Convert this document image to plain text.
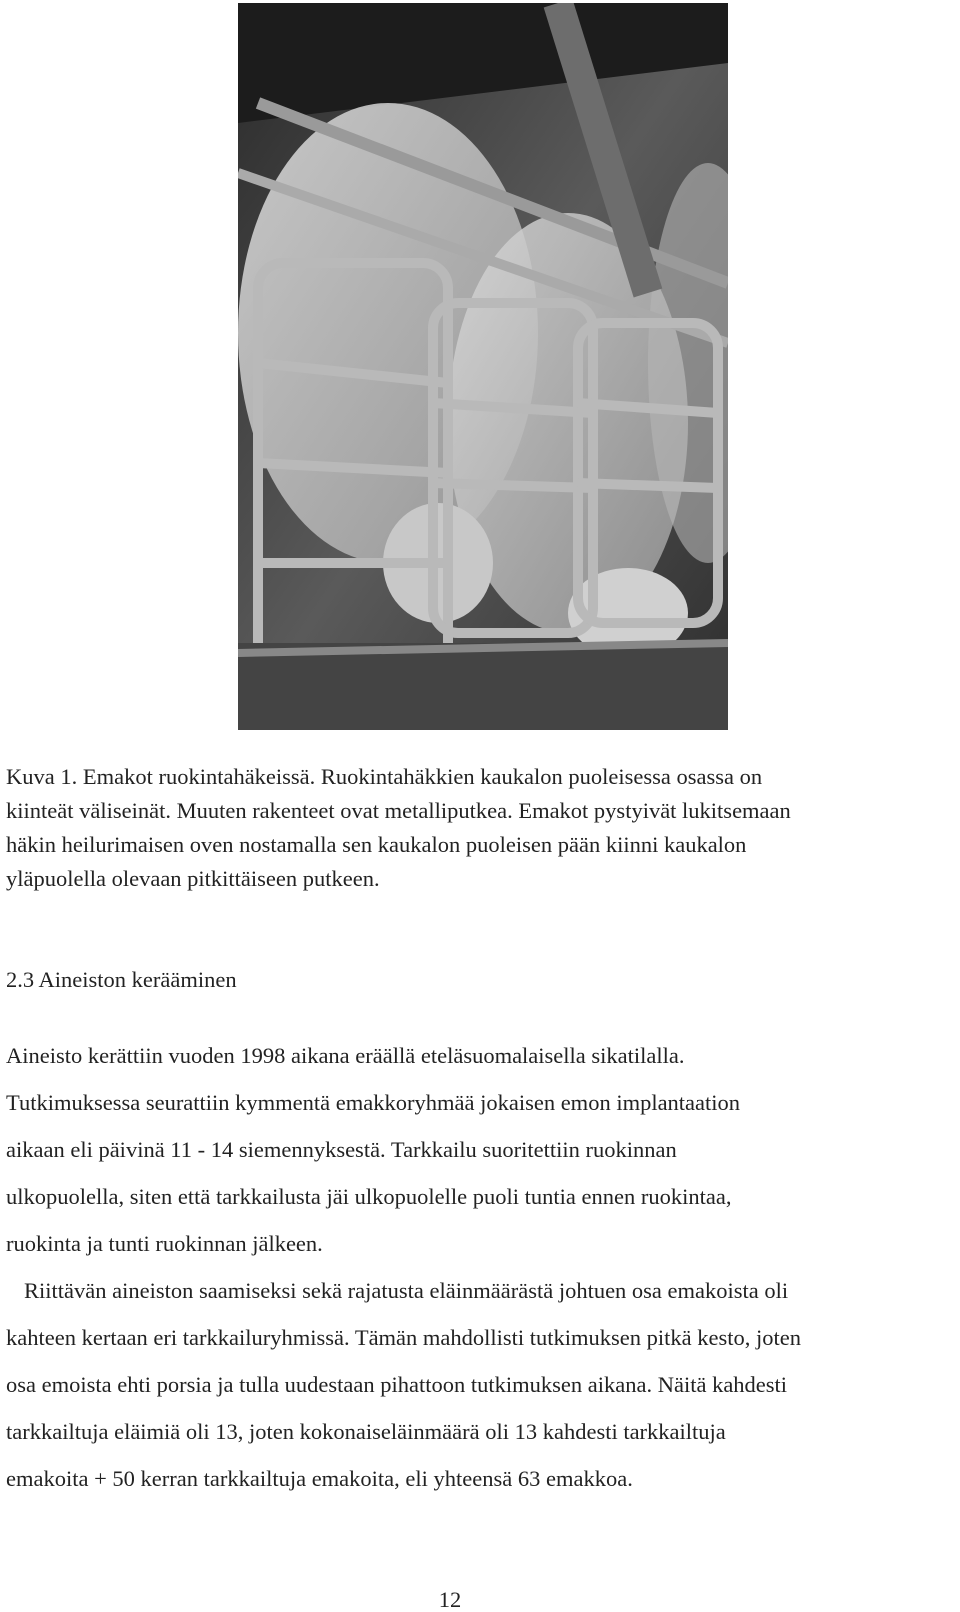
Kuva 1. Emakot ruokintahäkeissä. Ruokintahäkkien kaukalon puoleisessa osassa on
kiinteät väliseinät. Muuten rakenteet ovat metalliputkea. Emakot pystyivät lukitsemaan
häkin heilurimaisen oven nostamalla sen kaukalon puoleisen pään kiinni kaukalon
yläpuolella olevaan pitkittäiseen putkeen.
2.3 Aineiston kerääminen

Aineisto kerättiin vuoden 1998 aikana eräällä eteläsuomalaisella sikatilalla.
Tutkimuksessa seurattiin kymmentä emakkoryhmää jokaisen emon implantaation
aikaan eli päivinä 11 - 14 siemennyksestä. Tarkkailu suoritettiin ruokinnan
ulkopuolella, siten että tarkkailusta jäi ulkopuolelle puoli tuntia ennen ruokintaa,
ruokinta ja tunti ruokinnan jälkeen.

Riittävän aineiston saamiseksi sekä rajatusta eläinmäärästä johtuen osa emakoista oli
kahteen kertaan eri tarkkailuryhmissä. Tämän mahdollisti tutkimuksen pitkä kesto, joten
osa emoista ehti porsia ja tulla uudestaan pihattoon tutkimuksen aikana. Näitä kahdesti
tarkkailtuja eläimiä oli 13, joten kokonaiseläinmäärä oli 13 kahdesti tarkkailtuja
emakoita + 50 kerran tarkkailtuja emakoita, eli yhteensä 63 emakkoa.

12
